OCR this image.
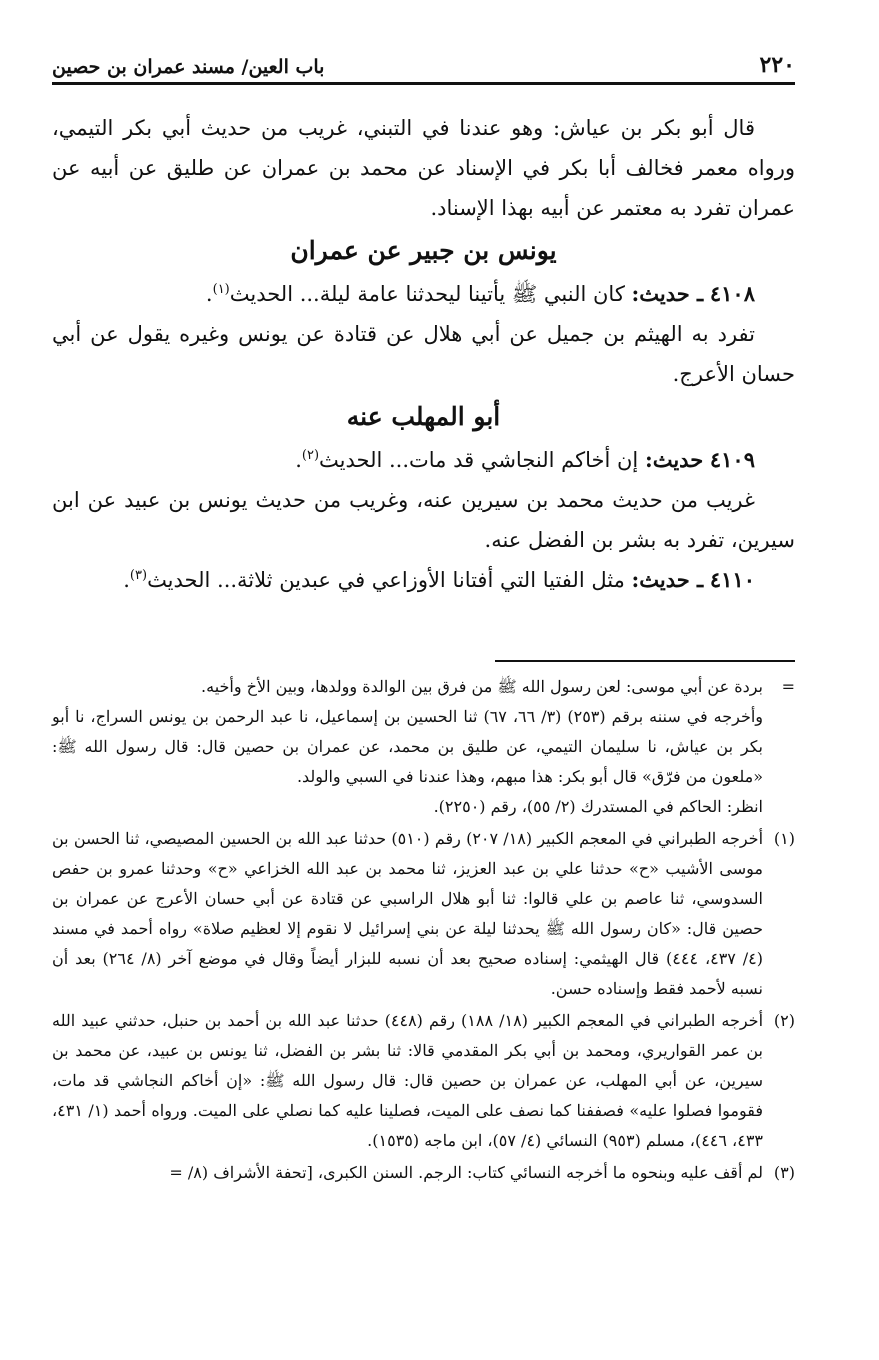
٢٢٠
باب العين/ مسند عمران بن حصين

قال أبو بكر بن عياش: وهو عندنا في التبني، غريب من حديث أبي بكر التيمي، ورواه معمر فخالف أبا بكر في الإسناد عن محمد بن عمران عن طليق عن أبيه عن عمران تفرد به معتمر عن أبيه بهذا الإسناد.

يونس بن جبير عن عمران

٤١٠٨ ـ حديث: كان النبي ﷺ يأتينا ليحدثنا عامة ليلة... الحديث$^{(١)}$.

تفرد به الهيثم بن جميل عن أبي هلال عن قتادة عن يونس وغيره يقول عن أبي حسان الأعرج.

أبو المهلب عنه

٤١٠٩ حديث: إن أخاكم النجاشي قد مات... الحديث$^{(٢)}$.

غريب من حديث محمد بن سيرين عنه، وغريب من حديث يونس بن عبيد عن ابن سيرين، تفرد به بشر بن الفضل عنه.

٤١١٠ ـ حديث: مثل الفتيا التي أفتانا الأوزاعي في عبدين ثلاثة... الحديث$^{(٣)}$.

=

بردة عن أبي موسى: لعن رسول الله ﷺ من فرق بين الوالدة وولدها، وبين الأخ وأخيه.

وأخرجه في سننه برقم (٢٥٣) (٣/ ٦٦، ٦٧) ثنا الحسين بن إسماعيل، نا عبد الرحمن بن يونس السراج، نا أبو بكر بن عياش، نا سليمان التيمي، عن طليق بن محمد، عن عمران بن حصين قال: قال رسول الله ﷺ: «ملعون من فرّق» قال أبو بكر: هذا مبهم، وهذا عندنا في السبي والولد.

انظر: الحاكم في المستدرك (٢/ ٥٥)، رقم (٢٢٥٠).

(١)
أخرجه الطبراني في المعجم الكبير (١٨/ ٢٠٧) رقم (٥١٠) حدثنا عبد الله بن الحسين المصيصي، ثنا الحسن بن موسى الأشيب «ح» حدثنا علي بن عبد العزيز، ثنا محمد بن عبد الله الخزاعي «ح» وحدثنا عمرو بن حفص السدوسي، ثنا عاصم بن علي قالوا: ثنا أبو هلال الراسبي عن قتادة عن أبي حسان الأعرج عن عمران بن حصين قال: «كان رسول الله ﷺ يحدثنا ليلة عن بني إسرائيل لا نقوم إلا لعظيم صلاة» رواه أحمد في مسند (٤/ ٤٣٧، ٤٤٤) قال الهيثمي: إسناده صحيح بعد أن نسبه للبزار أيضاً وقال في موضع آخر (٨/ ٢٦٤) بعد أن نسبه لأحمد فقط وإسناده حسن.
(٢)
أخرجه الطبراني في المعجم الكبير (١٨/ ١٨٨) رقم (٤٤٨) حدثنا عبد الله بن أحمد بن حنبل، حدثني عبيد الله بن عمر القواريري، ومحمد بن أبي بكر المقدمي قالا: ثنا بشر بن الفضل، ثنا يونس بن عبيد، عن محمد بن سيرين، عن أبي المهلب، عن عمران بن حصين قال: قال رسول الله ﷺ: «إن أخاكم النجاشي قد مات، فقوموا فصلوا عليه» فصففنا كما نصف على الميت، فصلينا عليه كما نصلي على الميت. ورواه أحمد (١/ ٤٣١، ٤٣٣، ٤٤٦)، مسلم (٩٥٣) النسائي (٤/ ٥٧)، ابن ماجه (١٥٣٥).
(٣)
لم أقف عليه وبنحوه ما أخرجه النسائي كتاب: الرجم. السنن الكبرى، [تحفة الأشراف (٨/ =
